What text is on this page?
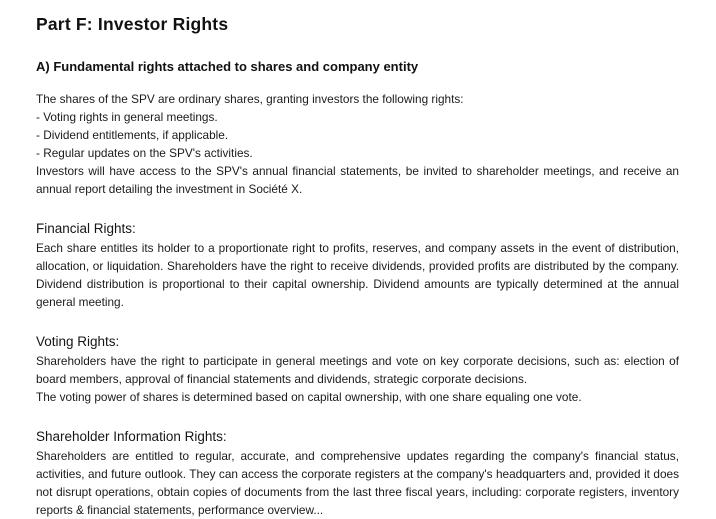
Part F: Investor Rights
A) Fundamental rights attached to shares and company entity
The shares of the SPV are ordinary shares, granting investors the following rights:
- Voting rights in general meetings.
- Dividend entitlements, if applicable.
- Regular updates on the SPV's activities.
Investors will have access to the SPV's annual financial statements, be invited to shareholder meetings, and receive an annual report detailing the investment in Société X.
Financial Rights:
Each share entitles its holder to a proportionate right to profits, reserves, and company assets in the event of distribution, allocation, or liquidation. Shareholders have the right to receive dividends, provided profits are distributed by the company. Dividend distribution is proportional to their capital ownership. Dividend amounts are typically determined at the annual general meeting.
Voting Rights:
Shareholders have the right to participate in general meetings and vote on key corporate decisions, such as: election of board members, approval of financial statements and dividends, strategic corporate decisions.
The voting power of shares is determined based on capital ownership, with one share equaling one vote.
Shareholder Information Rights:
Shareholders are entitled to regular, accurate, and comprehensive updates regarding the company's financial status, activities, and future outlook. They can access the corporate registers at the company's headquarters and, provided it does not disrupt operations, obtain copies of documents from the last three fiscal years, including: corporate registers, inventory reports & financial statements, performance overview...
